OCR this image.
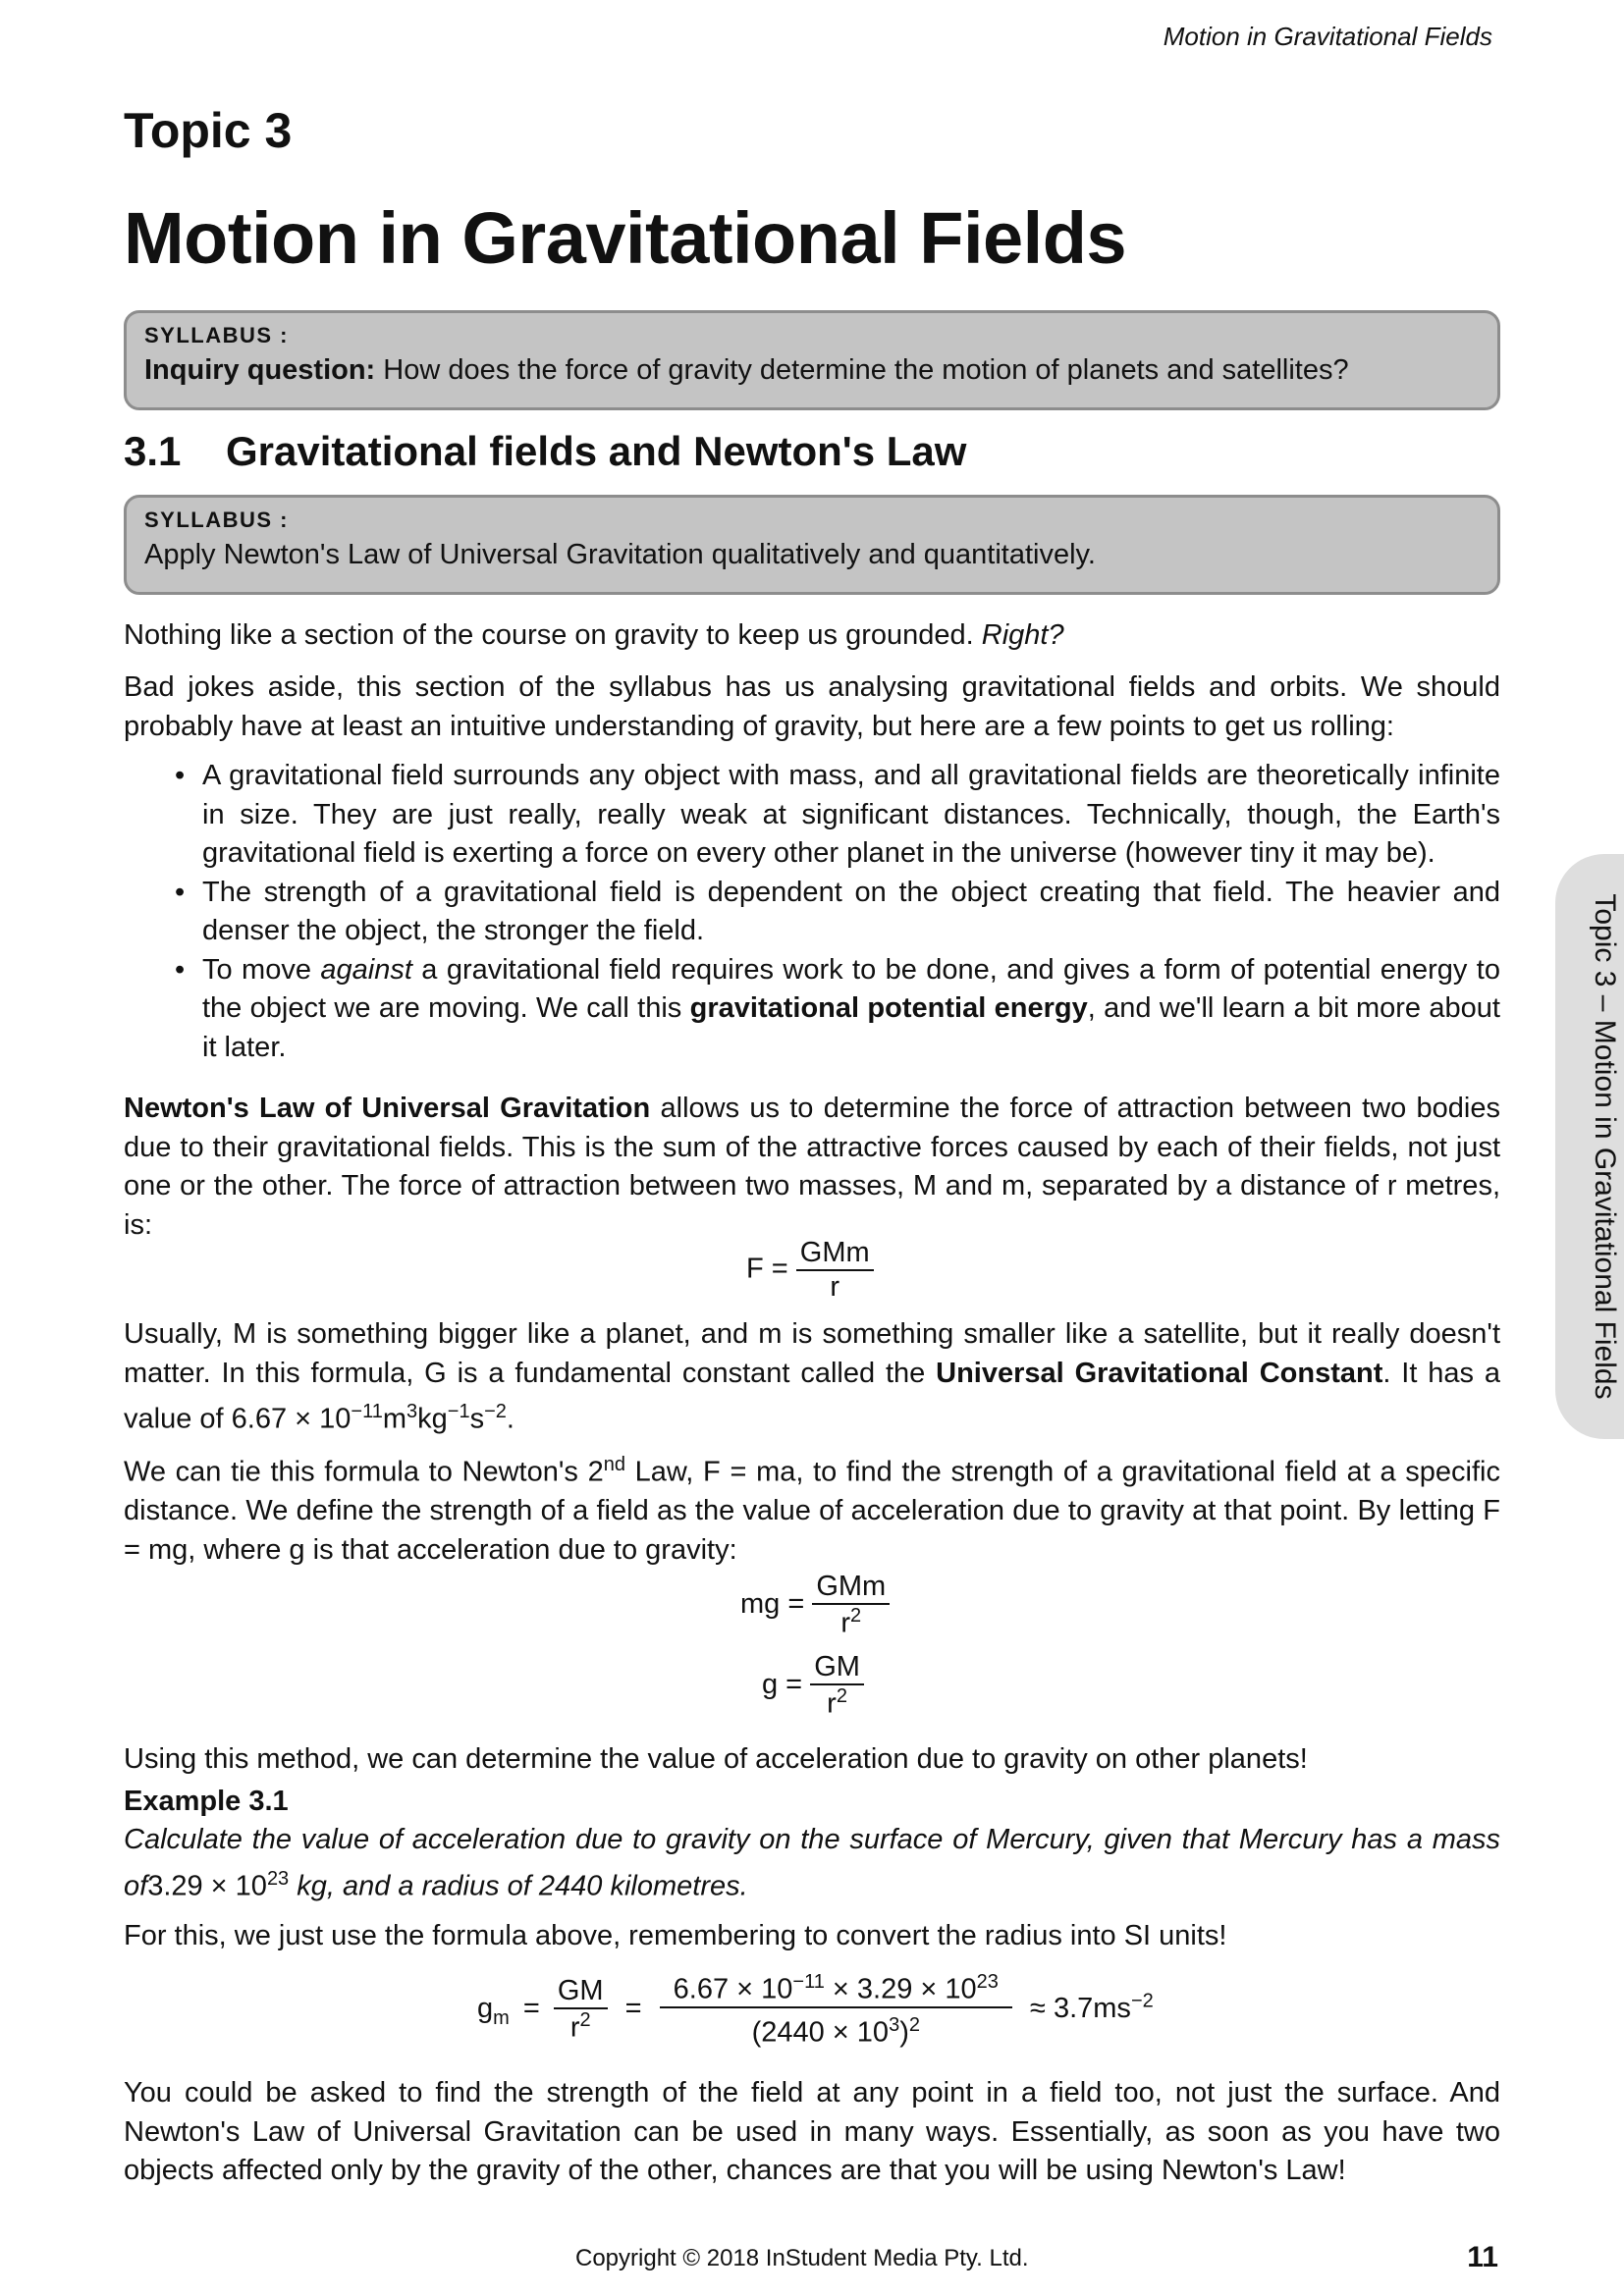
Motion in Gravitational Fields
Topic 3
Motion in Gravitational Fields
SYLLABUS :
Inquiry question: How does the force of gravity determine the motion of planets and satellites?
3.1 Gravitational fields and Newton's Law
SYLLABUS :
Apply Newton's Law of Universal Gravitation qualitatively and quantitatively.

Nothing like a section of the course on gravity to keep us grounded. Right?

Bad jokes aside, this section of the syllabus has us analysing gravitational fields and orbits. We should probably have at least an intuitive understanding of gravity, but here are a few points to get us rolling:

• A gravitational field surrounds any object with mass, and all gravitational fields are theoretically infinite in size. They are just really, really weak at significant distances. Technically, though, the Earth's gravitational field is exerting a force on every other planet in the universe (however tiny it may be).
• The strength of a gravitational field is dependent on the object creating that field. The heavier and denser the object, the stronger the field.
• To move against a gravitational field requires work to be done, and gives a form of potential energy to the object we are moving. We call this gravitational potential energy, and we'll learn a bit more about it later.

Newton's Law of Universal Gravitation allows us to determine the force of attraction between two bodies due to their gravitational fields. This is the sum of the attractive forces caused by each of their fields, not just one or the other. The force of attraction between two masses, M and m, separated by a distance of r metres, is:

$F = \frac{\text{GMm}}{r}$

Usually, M is something bigger like a planet, and m is something smaller like a satellite, but it really doesn't matter. In this formula, G is a fundamental constant called the Universal Gravitational Constant. It has a value of $6.67 \times 10^{-11}m^3kg^{-1}s^{-2}$.

We can tie this formula to Newton's 2nd Law, F = ma, to find the strength of a gravitational field at a specific distance. We define the strength of a field as the value of acceleration due to gravity at that point. By letting F = mg, where g is that acceleration due to gravity:

mg = $\frac{\text{GMm}}{r^2}$
$g = \frac{GM}{r^2}$

Using this method, we can determine the value of acceleration due to gravity on other planets!

Example 3.1

Calculate the value of acceleration due to gravity on the surface of Mercury, given that Mercury has a mass $of3.29 \times 10^{23}$ kg, and a radius of 2440 kilometres.

For this, we just use the formula above, remembering to convert the radius into SI units!

$g_m = \frac{GM}{r^2} = \frac{6.67 \times 10^{-11} \times 3.29 \times 10^{23}}{(2440 \times 10^3)^2} \approx 3.7ms^{-2}$

You could be asked to find the strength of the field at any point in a field too, not just the surface. And Newton's Law of Universal Gravitation can be used in many ways. Essentially, as soon as you have two objects affected only by the gravity of the other, chances are that you will be using Newton's Law!

Topic 3 – Motion in Gravitational Fields
Copyright © 2018 InStudent Media Pty. Ltd.	11
